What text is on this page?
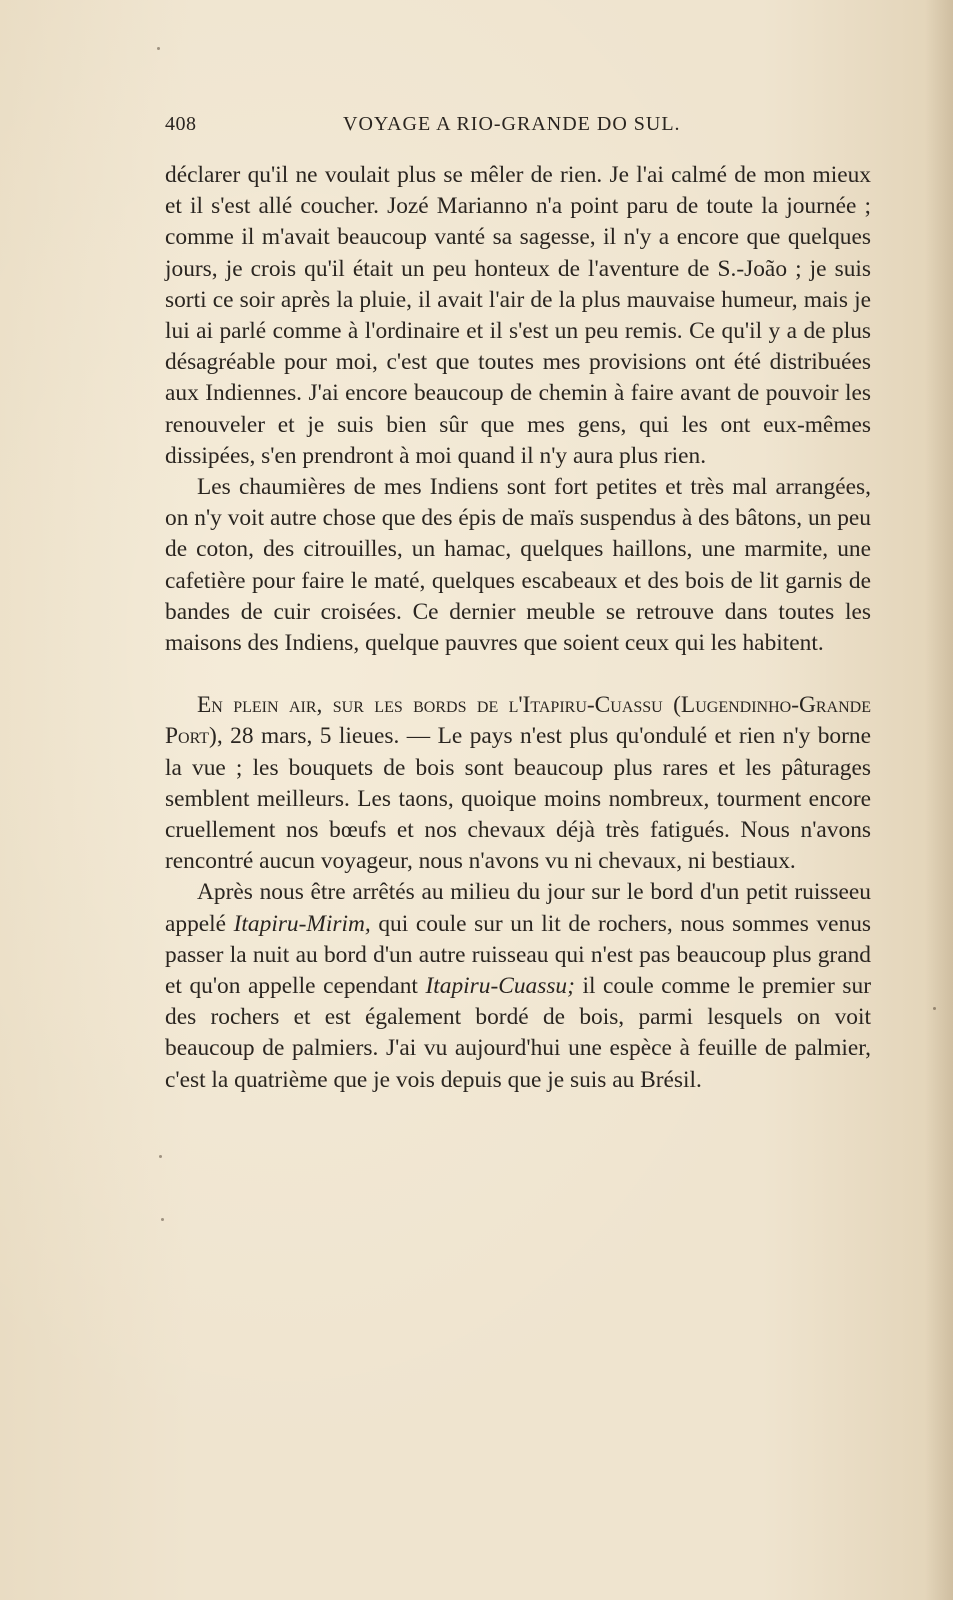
408	VOYAGE A RIO-GRANDE DO SUL.

déclarer qu'il ne voulait plus se mêler de rien. Je l'ai calmé de mon mieux et il s'est allé coucher. Jozé Marianno n'a point paru de toute la journée ; comme il m'avait beaucoup vanté sa sagesse, il n'y a encore que quelques jours, je crois qu'il était un peu honteux de l'aventure de S.-João ; je suis sorti ce soir après la pluie, il avait l'air de la plus mauvaise humeur, mais je lui ai parlé comme à l'ordinaire et il s'est un peu remis. Ce qu'il y a de plus désagréable pour moi, c'est que toutes mes provisions ont été distribuées aux Indiennes. J'ai encore beaucoup de chemin à faire avant de pouvoir les renouveler et je suis bien sûr que mes gens, qui les ont eux-mêmes dissipées, s'en prendront à moi quand il n'y aura plus rien.

Les chaumières de mes Indiens sont fort petites et très mal arrangées, on n'y voit autre chose que des épis de maïs suspendus à des bâtons, un peu de coton, des citrouilles, un hamac, quelques haillons, une marmite, une cafetière pour faire le maté, quelques escabeaux et des bois de lit garnis de bandes de cuir croisées. Ce dernier meuble se retrouve dans toutes les maisons des Indiens, quelque pauvres que soient ceux qui les habitent.

En plein air, sur les bords de l'Itapiru-Cuassu (Lugendinho-Grande Port), 28 mars, 5 lieues. — Le pays n'est plus qu'ondulé et rien n'y borne la vue ; les bouquets de bois sont beaucoup plus rares et les pâturages semblent meilleurs. Les taons, quoique moins nombreux, tourment encore cruellement nos bœufs et nos chevaux déjà très fatigués. Nous n'avons rencontré aucun voyageur, nous n'avons vu ni chevaux, ni bestiaux.

Après nous être arrêtés au milieu du jour sur le bord d'un petit ruisseeu appelé Itapiru-Mirim, qui coule sur un lit de rochers, nous sommes venus passer la nuit au bord d'un autre ruisseau qui n'est pas beaucoup plus grand et qu'on appelle cependant Itapiru-Cuassu; il coule comme le premier sur des rochers et est également bordé de bois, parmi lesquels on voit beaucoup de palmiers. J'ai vu aujourd'hui une espèce à feuille de palmier, c'est la quatrième que je vois depuis que je suis au Brésil.
